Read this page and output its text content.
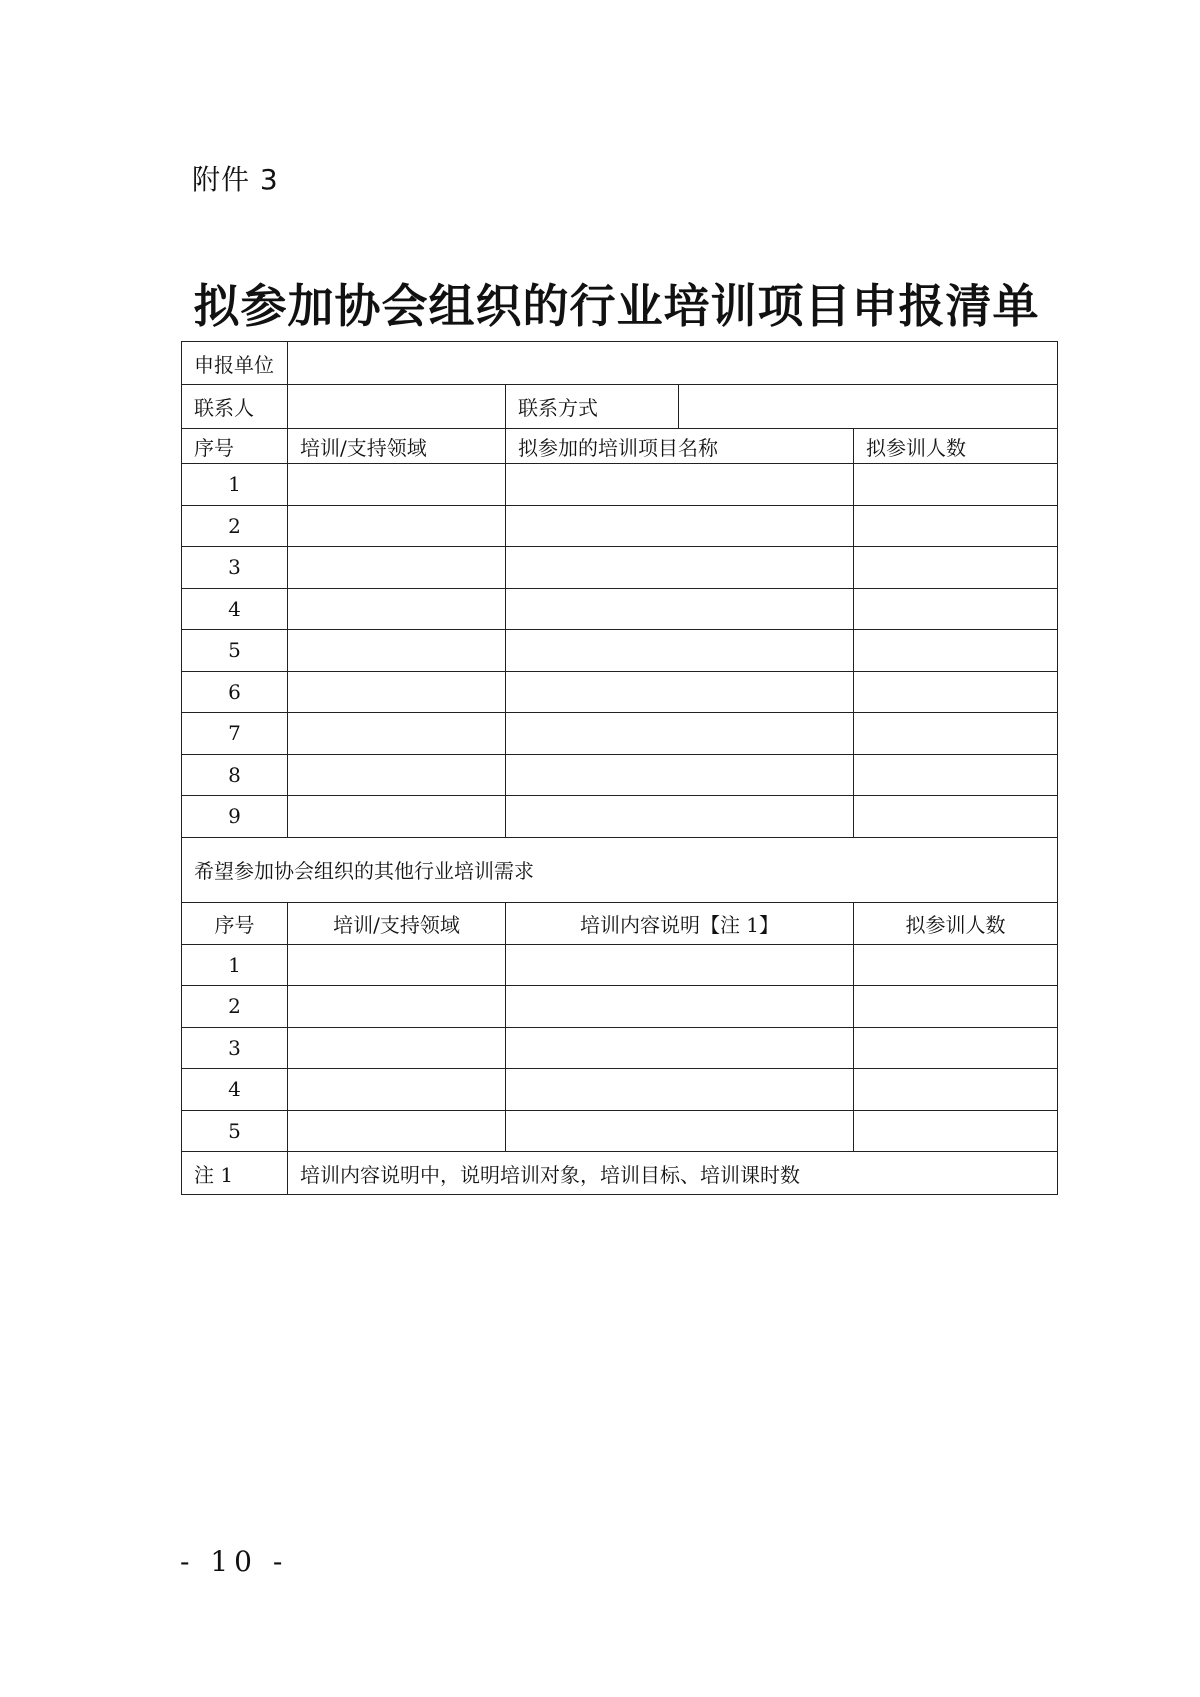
附件 3
拟参加协会组织的行业培训项目申报清单
申报单位				
联系人		联系方式		
序号	培训/支持领域	拟参加的培训项目名称		拟参训人数
1				
2				
3				
4				
5				
6				
7				
8				
9				
希望参加协会组织的其他行业培训需求				
序号	培训/支持领域	培训内容说明【注 1】		拟参训人数
1				
2				
3				
4				
5				
注 1	培训内容说明中，说明培训对象，培训目标、培训课时数			
- 10 -
